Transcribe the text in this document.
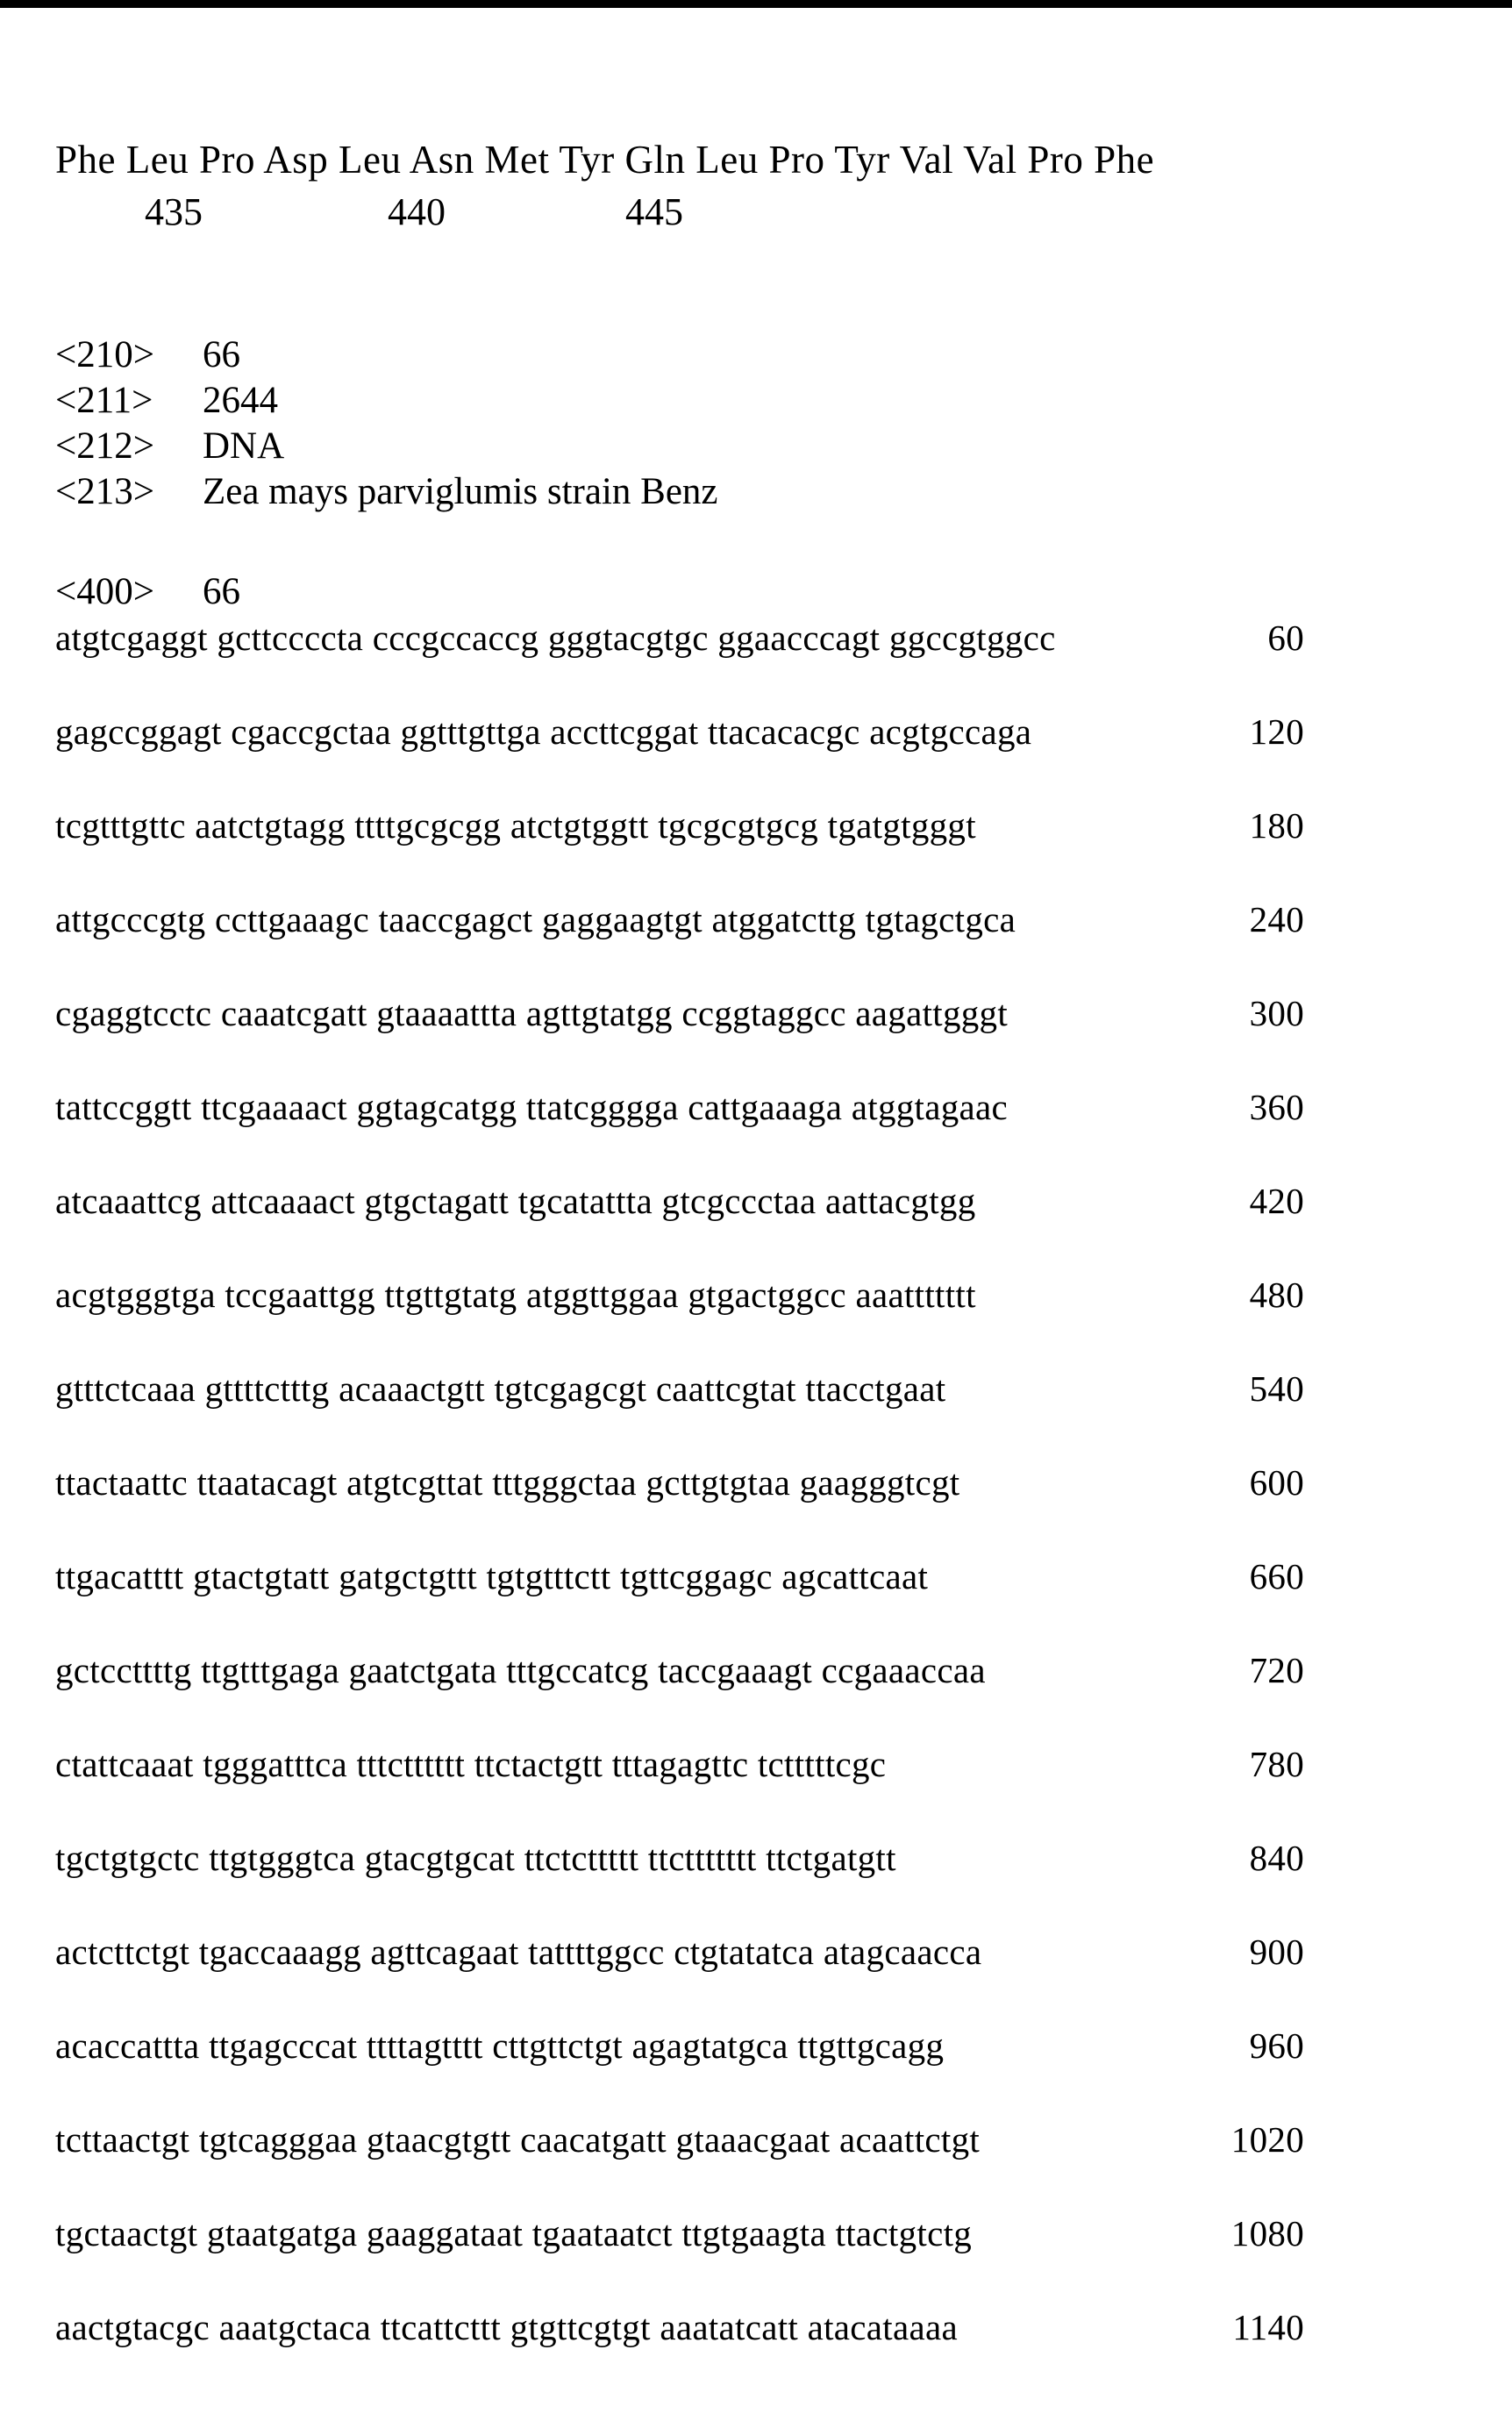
Phe Leu Pro Asp Leu Asn Met Tyr Gln Leu Pro Tyr Val Val Pro Phe
435	440	445
<210>	66
<211>	2644
<212>	DNA
<213>	Zea mays parviglumis strain Benz
<400>	66
atgtcgaggt gcttccccta cccgccaccg gggtacgtgc ggaacccagt ggccgtggcc	60
gagccggagt cgaccgctaa ggtttgttga accttcggat ttacacacgc acgtgccaga	120
tcgtttgttc aatctgtagg ttttgcgcgg atctgtggtt tgcgcgtgcg tgatgtgggt	180
attgcccgtg ccttgaaagc taaccgagct gaggaagtgt atggatcttg tgtagctgca	240
cgaggtcctc caaatcgatt gtaaaattta agttgtatgg ccggtaggcc aagattgggt	300
tattccggtt ttcgaaaact ggtagcatgg ttatcgggga cattgaaaga atggtagaac	360
atcaaattcg attcaaaact gtgctagatt tgcatattta gtcgccctaa aattacgtgg	420
acgtgggtga tccgaattgg ttgttgtatg atggttggaa gtgactggcc aaattttttt	480
gtttctcaaa gttttctttg acaaactgtt tgtcgagcgt caattcgtat ttacctgaat	540
ttactaattc ttaatacagt atgtcgttat tttgggctaa gcttgtgtaa gaagggtcgt	600
ttgacatttt gtactgtatt gatgctgttt tgtgtttctt tgttcggagc agcattcaat	660
gctccttttg ttgtttgaga gaatctgata tttgccatcg taccgaaagt ccgaaaccaa	720
ctattcaaat tgggatttca tttctttttt ttctactgtt tttagagttc tctttttcgc	780
tgctgtgctc ttgtgggtca gtacgtgcat ttctcttttt ttcttttttt ttctgatgtt	840
actcttctgt tgaccaaagg agttcagaat tattttggcc ctgtatatca atagcaacca	900
acaccattta ttgagcccat ttttagtttt cttgttctgt agagtatgca ttgttgcagg	960
tcttaactgt tgtcagggaa gtaacgtgtt caacatgatt gtaaacgaat acaattctgt	1020
tgctaactgt gtaatgatga gaaggataat tgaataatct ttgtgaagta ttactgtctg	1080
aactgtacgc aaatgctaca ttcattcttt gtgttcgtgt aaatatcatt atacataaaa	1140
